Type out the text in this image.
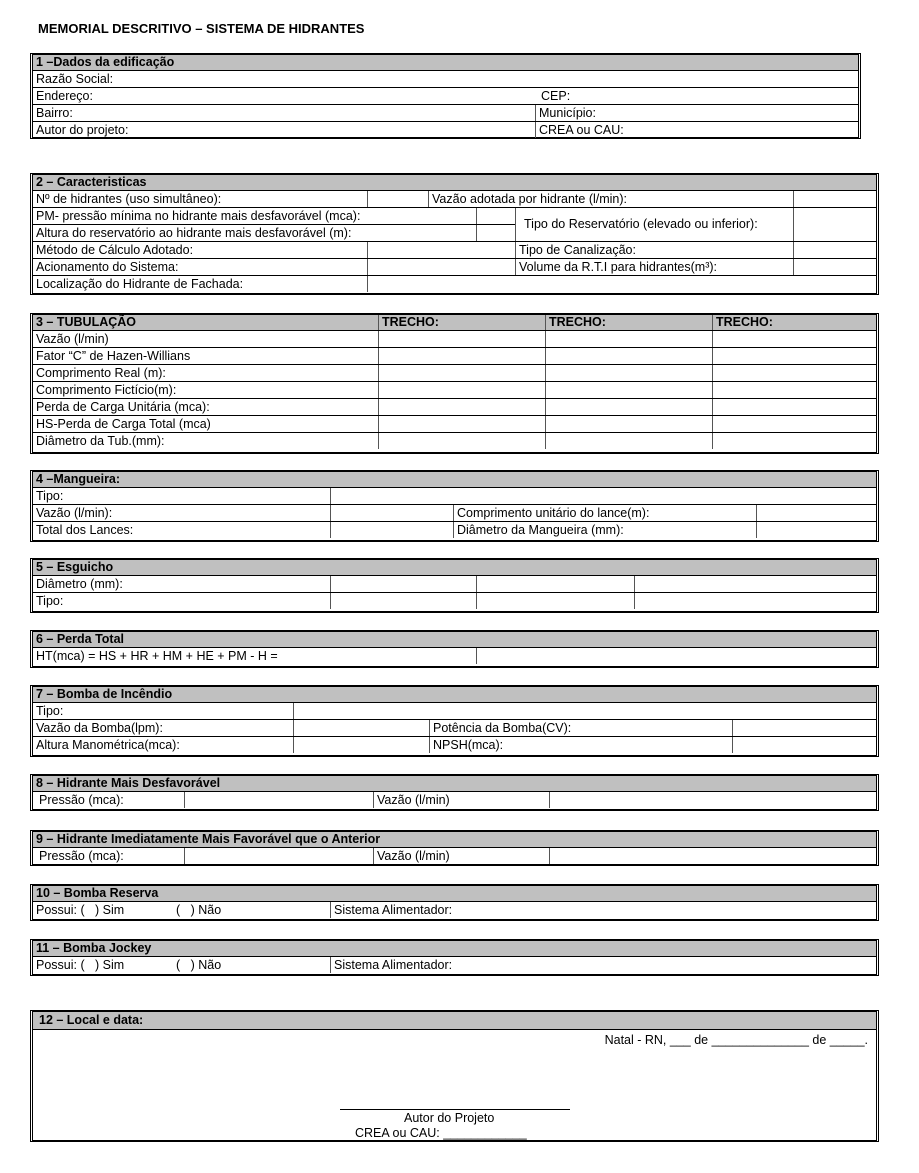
MEMORIAL DESCRITIVO – SISTEMA DE HIDRANTES
1 –Dados da edificação
Razão Social:
Endereço:	CEP:
Bairro:	Município:
Autor do projeto:	CREA ou CAU:
2 – Caracteristicas
Nº de hidrantes (uso simultâneo):	Vazão adotada por hidrante (l/min):
PM- pressão mínima no hidrante mais desfavorável (mca):
Altura do reservatório ao hidrante mais desfavorável (m):
Tipo do Reservatório (elevado ou inferior):
Método de Cálculo Adotado:	Tipo de Canalização:
Acionamento do Sistema:	Volume da R.T.I para hidrantes(m³):
Localização do Hidrante de Fachada:
3 – TUBULAÇÃO	TRECHO:	TRECHO:	TRECHO:
Vazão (l/min)
Fator “C” de Hazen-Willians
Comprimento Real (m):
Comprimento Fictício(m):
Perda de Carga Unitária (mca):
HS-Perda de Carga Total (mca)
Diâmetro da Tub.(mm):
4 –Mangueira:
Tipo:
Vazão (l/min):	Comprimento unitário do lance(m):
Total dos Lances:	Diâmetro da Mangueira (mm):
5 – Esguicho
Diâmetro (mm):
Tipo:
6 – Perda Total
HT(mca) = HS + HR + HM + HE + PM - H =
7 – Bomba de Incêndio
Tipo:
Vazão da Bomba(lpm):	Potência da Bomba(CV):
Altura Manométrica(mca):	NPSH(mca):
8 – Hidrante Mais Desfavorável
Pressão (mca):	Vazão (l/min)
9 – Hidrante Imediatamente Mais Favorável que o Anterior
Pressão (mca):	Vazão (l/min)
10 – Bomba Reserva
Possui: (   ) Sim	(   ) Não	Sistema Alimentador:
11 – Bomba Jockey
Possui: (   ) Sim	(   ) Não	Sistema Alimentador:
12 – Local e data:
Natal - RN, ___ de ______________ de _____.
Autor do Projeto
CREA ou CAU: ____________
